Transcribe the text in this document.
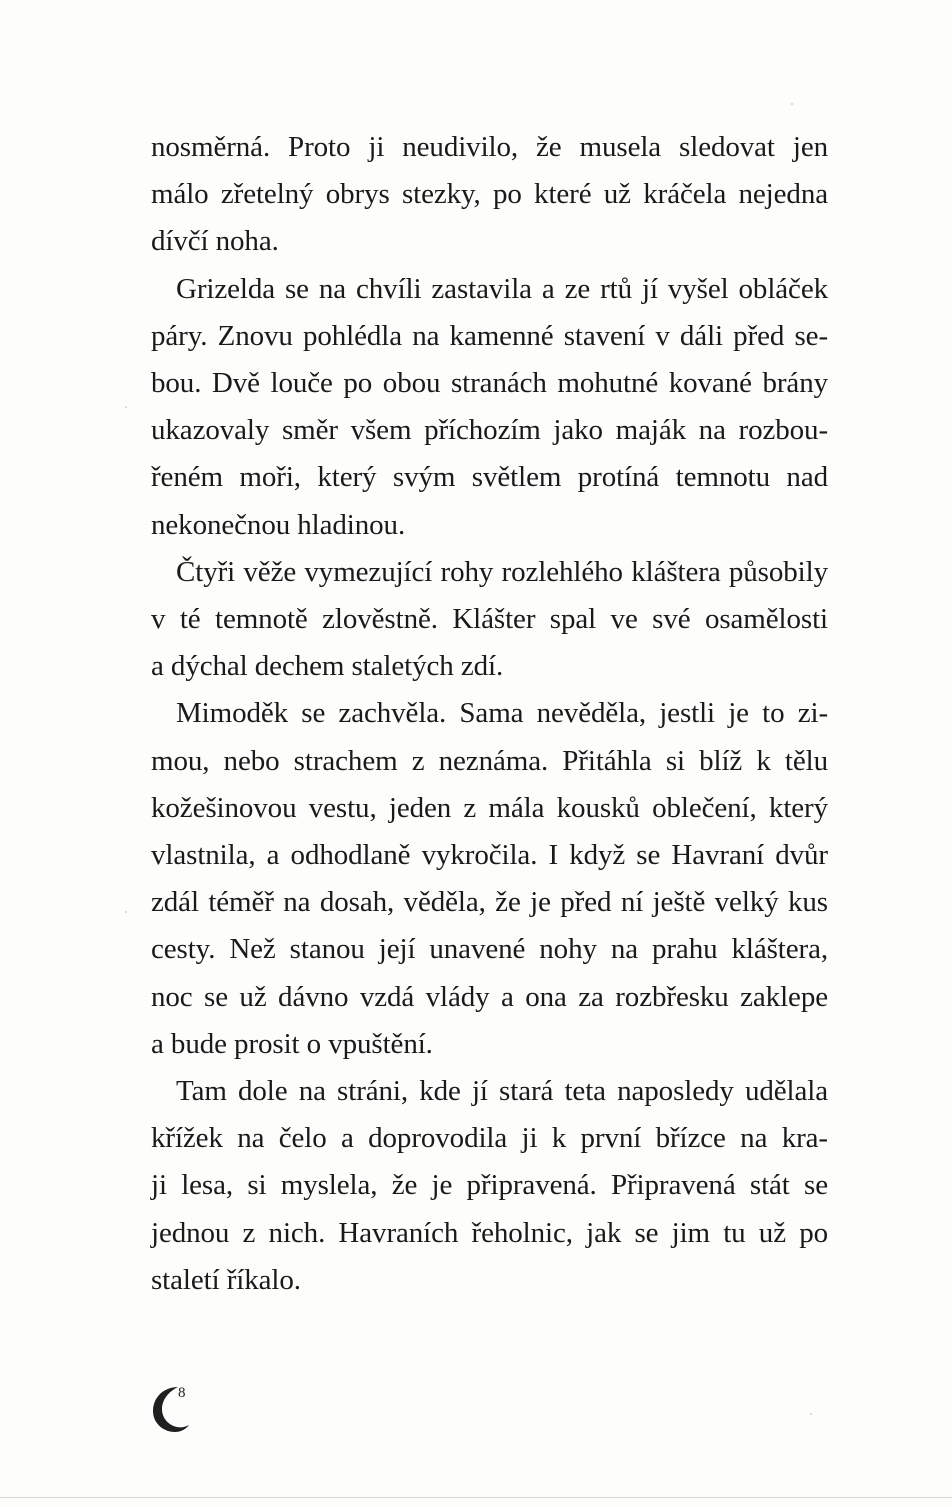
nosměrná. Proto ji neudivilo, že musela sledovat jen
málo zřetelný obrys stezky, po které už kráčela nejedna
dívčí noha.

Grizelda se na chvíli zastavila a ze rtů jí vyšel obláček
páry. Znovu pohlédla na kamenné stavení v dáli před se-
bou. Dvě louče po obou stranách mohutné kované brány
ukazovaly směr všem příchozím jako maják na rozbou-
řeném moři, který svým světlem protíná temnotu nad
nekonečnou hladinou.

Čtyři věže vymezující rohy rozlehlého kláštera působily
v té temnotě zlověstně. Klášter spal ve své osamělosti
a dýchal dechem staletých zdí.

Mimoděk se zachvěla. Sama nevěděla, jestli je to zi-
mou, nebo strachem z neznáma. Přitáhla si blíž k tělu
kožešinovou vestu, jeden z mála kousků oblečení, který
vlastnila, a odhodlaně vykročila. I když se Havraní dvůr
zdál téměř na dosah, věděla, že je před ní ještě velký kus
cesty. Než stanou její unavené nohy na prahu kláštera,
noc se už dávno vzdá vlády a ona za rozbřesku zaklepe
a bude prosit o vpuštění.

Tam dole na stráni, kde jí stará teta naposledy udělala
křížek na čelo a doprovodila ji k první břízce na kra-
ji lesa, si myslela, že je připravená. Připravená stát se
jednou z nich. Havraních řeholnic, jak se jim tu už po
staletí říkalo.

8
